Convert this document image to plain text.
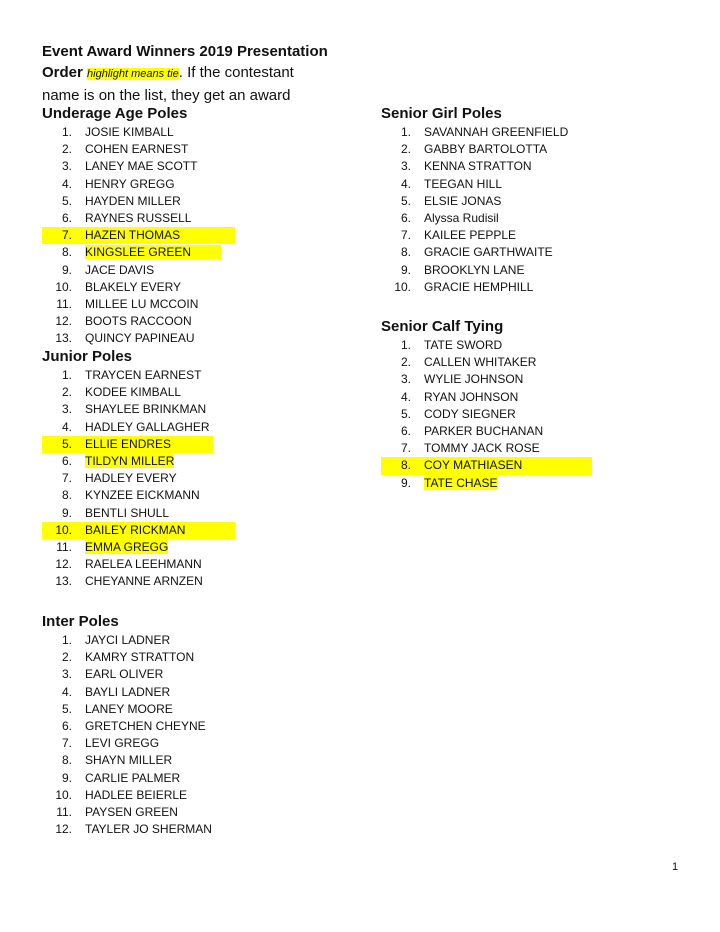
Event Award Winners 2019 Presentation
Order highlight means tie. If the contestant
name is on the list, they get an award

Underage Age Poles

1.	JOSIE KIMBALL
2.	COHEN EARNEST
3.	LANEY MAE SCOTT
4.	HENRY GREGG
5.	HAYDEN MILLER
6.	RAYNES RUSSELL
7.	HAZEN THOMAS
8.	KINGSLEE GREEN
9.	JACE DAVIS
10.	BLAKELY EVERY
11.	MILLEE LU MCCOIN
12.	BOOTS RACCOON
13.	QUINCY PAPINEAU

Junior Poles

1.	TRAYCEN EARNEST
2.	KODEE KIMBALL
3.	SHAYLEE BRINKMAN
4.	HADLEY GALLAGHER
5.	ELLIE ENDRES
6.	TILDYN MILLER
7.	HADLEY EVERY
8.	KYNZEE EICKMANN
9.	BENTLI SHULL
10.	BAILEY RICKMAN
11.	EMMA GREGG
12.	RAELEA LEEHMANN
13.	CHEYANNE ARNZEN

Inter Poles

1.	JAYCI LADNER
2.	KAMRY STRATTON
3.	EARL OLIVER
4.	BAYLI LADNER
5.	LANEY MOORE
6.	GRETCHEN CHEYNE
7.	LEVI GREGG
8.	SHAYN MILLER
9.	CARLIE PALMER
10.	HADLEE BEIERLE
11.	PAYSEN GREEN
12.	TAYLER JO SHERMAN

Senior Girl Poles

1.	SAVANNAH GREENFIELD
2.	GABBY BARTOLOTTA
3.	KENNA STRATTON
4.	TEEGAN HILL
5.	ELSIE JONAS
6.	Alyssa Rudisil
7.	KAILEE PEPPLE
8.	GRACIE GARTHWAITE
9.	BROOKLYN LANE
10.	GRACIE HEMPHILL

Senior Calf Tying

1.	TATE SWORD
2.	CALLEN WHITAKER
3.	WYLIE JOHNSON
4.	RYAN JOHNSON
5.	CODY SIEGNER
6.	PARKER BUCHANAN
7.	TOMMY JACK ROSE
8.	COY MATHIASEN
9.	TATE CHASE
1
